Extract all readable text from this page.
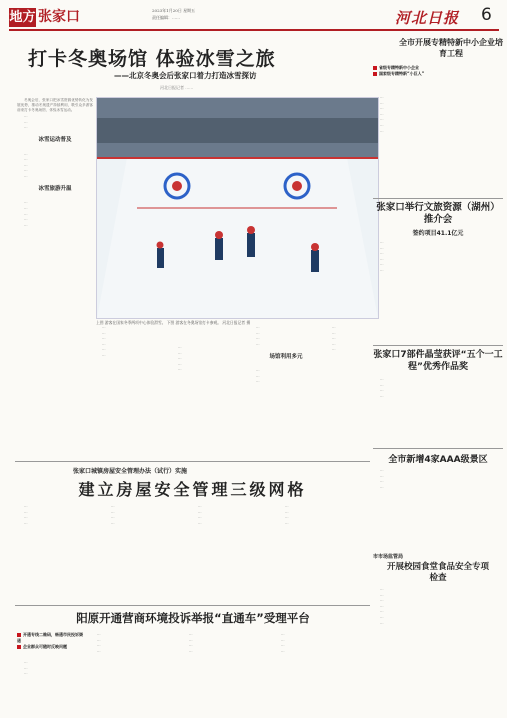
地方 张家口	2023年1月20日 星期五
责任编辑：……	河北日报 6
打卡冬奥场馆 体验冰雪之旅
——北京冬奥会后张家口着力打造冰雪探访
河北日报记者 ……

冬奥会后，张家口把冰雪资源优势转化为发展优势，推动冬奥遗产持续利用，吸引众多游客前来打卡冬奥场馆、体验冰雪运动。

…

…

…

冰雪运动普及

…

…

…

…

…

冰雪旅游升温

…

…

…

…

…

…

…

…

…

…

…

上图 游客在国家冬季两项中心体验滑雪。 下图 游客在冬奥场馆打卡参观。 河北日报记者 摄

…

…

…

…

…

…

…

…

…

场馆利用多元

…

…

…

…

…

…

…

…

全市开展专精特新中小企业培育工程
省级专精特新中小企业
国家级专精特新“小巨人”

…

…

…

…

…

…

…

张家口举行文旅资源（湖州）推介会
签约项目41.1亿元

…

…

…

…

…

…

张家口7部件晶莹获评“五个一工程”优秀作品奖

…

…

…

…

全市新增4家AAA级景区

…

…

…

…

市市场监管局
开展校园食堂食品安全专项检查

…

…

…

…

…

…

…

张家口城镇房屋安全管理办法（试行）实施
建立房屋安全管理三级网格

…

…

…

…

…

…

…

…

…

…

…

…

…

…

…

…

阳原开通营商环境投诉举报“直通车”受理平台
开通专线二维码，畅通市民投诉渠道
企业群众可随时反映问题

…

…

…

…

…

…

…

…

…

…

…

…

…

…

…
